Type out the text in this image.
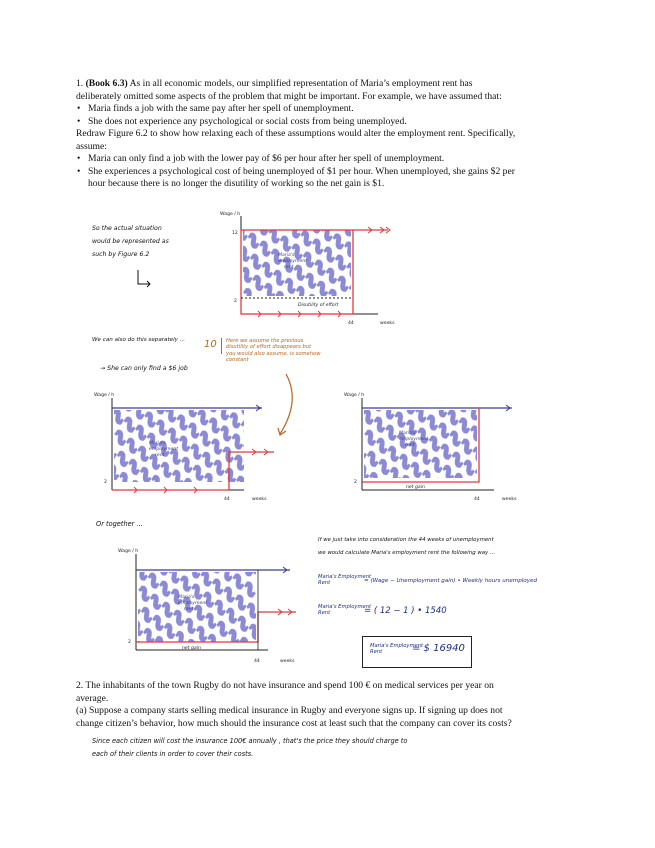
1. (Book 6.3) As in all economic models, our simplified representation of Maria’s employment rent has
deliberately omitted some aspects of the problem that might be important. For example, we have assumed that:
• Maria finds a job with the same pay after her spell of unemployment.
• She does not experience any psychological or social costs from being unemployed.
Redraw Figure 6.2 to show how relaxing each of these assumptions would alter the employment rent. Specifically,
assume:
• Maria can only find a job with the lower pay of $6 per hour after her spell of unemployment.
• She experiences a psychological cost of being unemployed of $1 per hour. When unemployed, she gains $2 per
hour because there is no longer the disutility of working so the net gain is $1.
So the actual situation
would be represented as
such by Figure 6.2
Wage / h
12
2
Disutility of effort
Maria's
employment
rent
44	weeks
We can also do this separately ...
→ She can only find a $6 job
10 Here we assume the previous
disutility of effort disappears but
you would also assume, is somehow
constant
Wage / h
2
Maria's
employment
rent
44	weeks
Wage / h
2
net gain
Maria's
employment
rent
44	weeks
Or together ...
Wage / h
2
net gain
Maria's
employment
rent
44	weeks
If we just take into consideration the 44 weeks of unemployment
we would calculate Maria's employment rent the following way ...
Maria's Employment
Rent	= (Wage − Unemployment gain) • Weekly hours unemployed
Maria's Employment
Rent	= ( 12 − 1 ) • 1540
Maria's Employment
Rent	= $ 16940
2. The inhabitants of the town Rugby do not have insurance and spend 100 € on medical services per year on
average.
(a) Suppose a company starts selling medical insurance in Rugby and everyone signs up. If signing up does not
change citizen’s behavior, how much should the insurance cost at least such that the company can cover its costs?
Since each citizen will cost the insurance 100€ annually , that's the price they should charge to
each of their clients in order to cover their costs.
